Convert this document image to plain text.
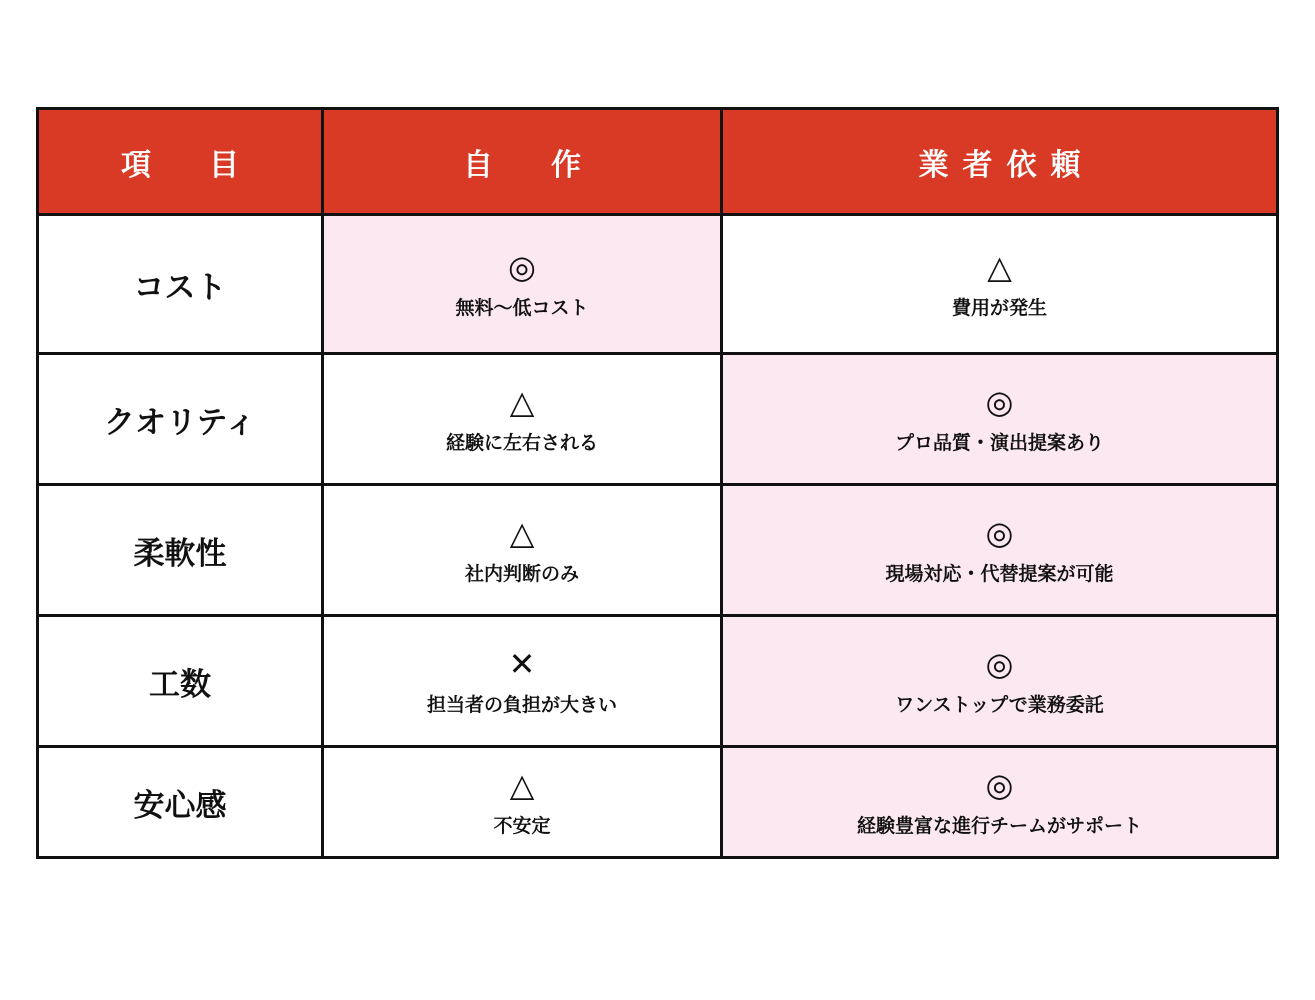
項　目	自　作	業者依頼
コスト
◎
無料〜低コスト
△
費用が発生
クオリティ
△
経験に左右される
◎
プロ品質・演出提案あり
柔軟性
△
社内判断のみ
◎
現場対応・代替提案が可能
工数
✕
担当者の負担が大きい
◎
ワンストップで業務委託
安心感
△
不安定
◎
経験豊富な進行チームがサポート
